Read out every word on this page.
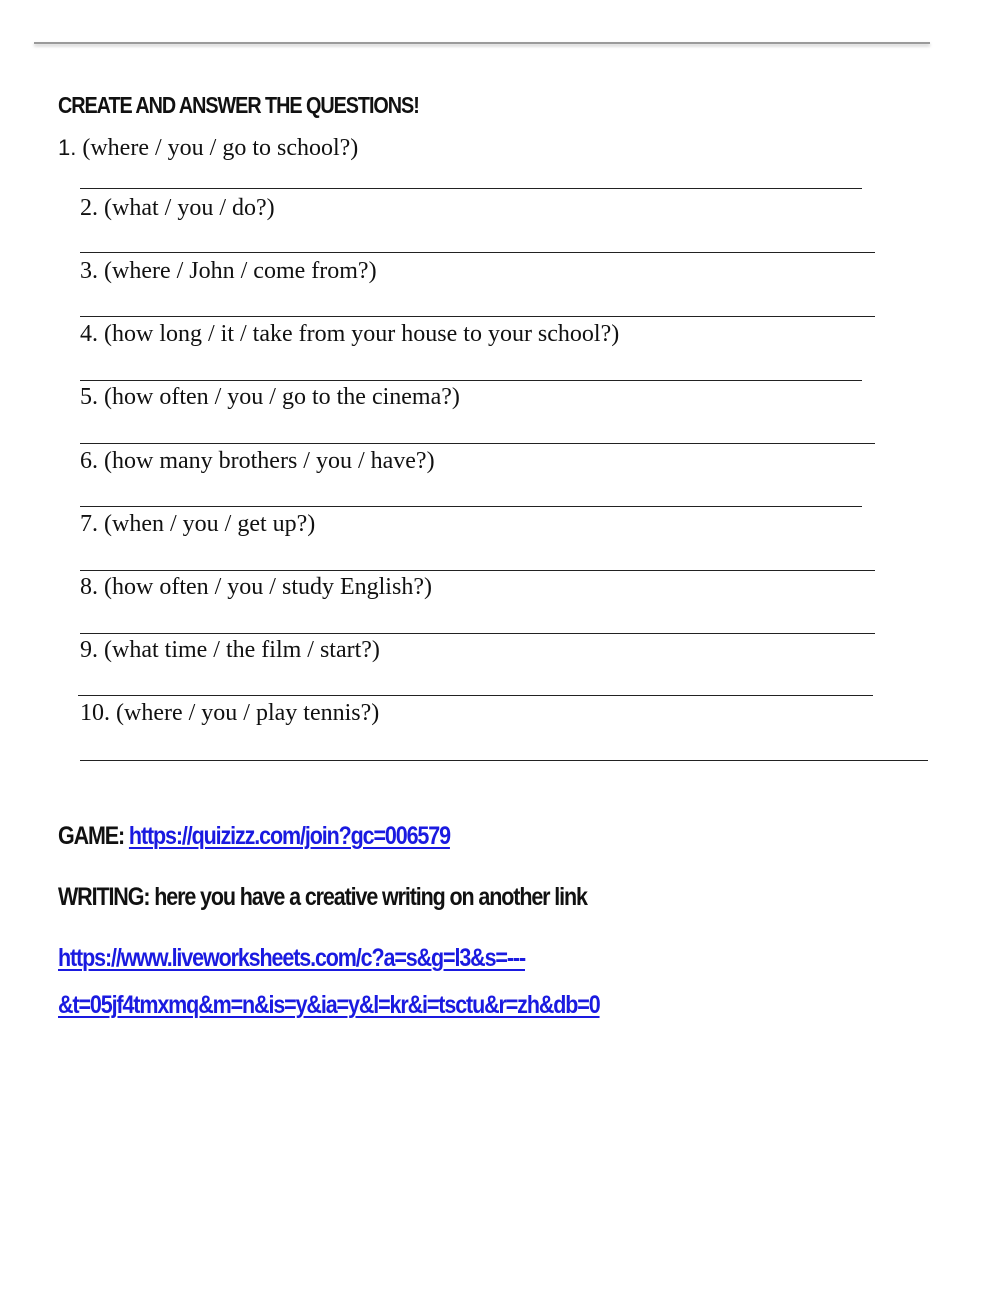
CREATE AND ANSWER THE QUESTIONS!
1. (where / you / go to school?)
2. (what / you / do?)
3. (where / John / come from?)
4. (how long / it / take from your house to your school?)
5. (how often / you / go to the cinema?)
6. (how many brothers / you / have?)
7. (when / you / get up?)
8. (how often / you / study English?)
9. (what time / the film / start?)
10. (where / you / play tennis?)
GAME: https://quizizz.com/join?gc=006579
WRITING: here you have a creative writing on another link
https://www.liveworksheets.com/c?a=s&g=l3&s=---
&t=05jf4tmxmq&m=n&is=y&ia=y&l=kr&i=tsctu&r=zh&db=0
